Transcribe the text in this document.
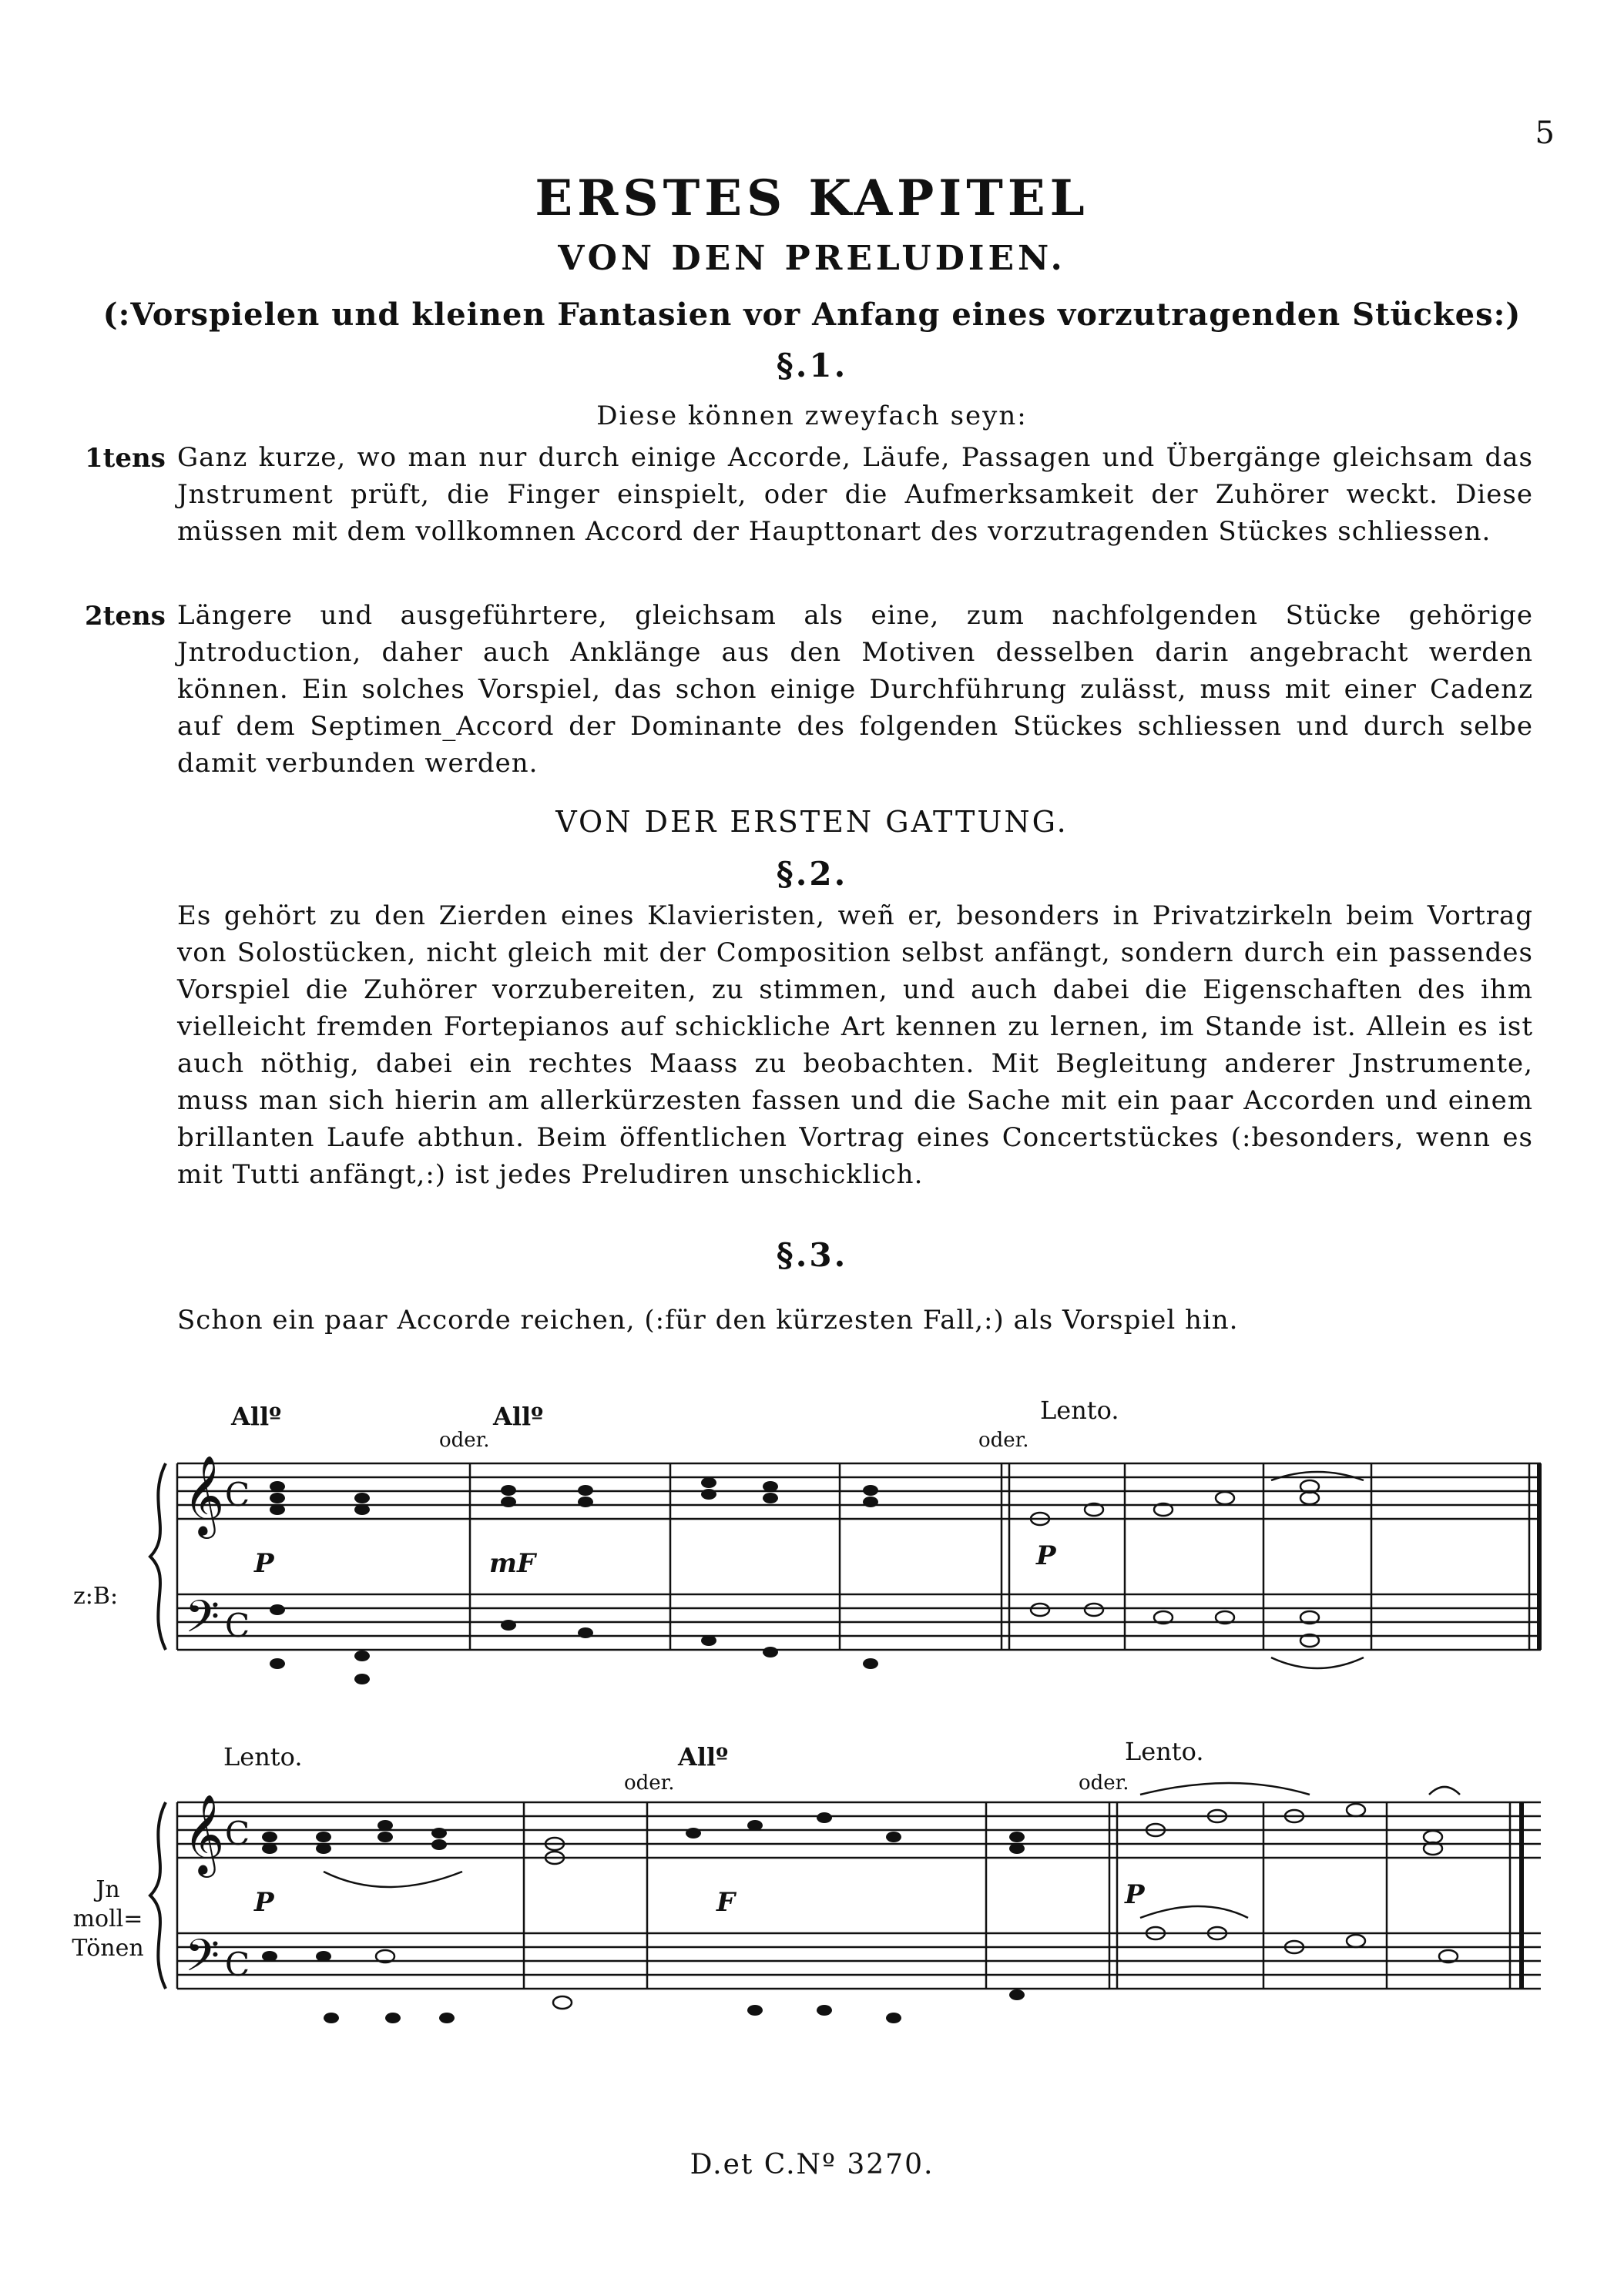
5
ERSTES KAPITEL
VON DEN PRELUDIEN.
(:Vorspielen und kleinen Fantasien vor Anfang eines vorzutragenden Stückes:)
§.1.
Diese können zweyfach seyn:
1tens Ganz kurze, wo man nur durch einige Accorde, Läufe, Passagen und Übergänge gleichsam das Jnstrument prüft, die Finger einspielt, oder die Aufmerksamkeit der Zuhörer weckt. Diese müssen mit dem vollkomnen Accord der Haupttonart des vorzutragenden Stückes schliessen.
2tens Längere und ausgeführtere, gleichsam als eine, zum nachfolgenden Stücke gehörige Jntroduction, daher auch Anklänge aus den Motiven desselben darin angebracht werden können. Ein solches Vorspiel, das schon einige Durchführung zulässt, muss mit einer Cadenz auf dem Septimen_Accord der Dominante des folgenden Stückes schliessen und durch selbe damit verbunden werden.
VON DER ERSTEN GATTUNG.
§.2.
Es gehört zu den Zierden eines Klavieristen, weñ er, besonders in Privatzirkeln beim Vortrag von Solostücken, nicht gleich mit der Composition selbst anfängt, sondern durch ein passendes Vorspiel die Zuhörer vorzubereiten, zu stimmen, und auch dabei die Eigenschaften des ihm vielleicht fremden Fortepianos auf schickliche Art kennen zu lernen, im Stande ist. Allein es ist auch nöthig, dabei ein rechtes Maass zu beobachten. Mit Begleitung anderer Jnstrumente, muss man sich hierin am allerkürzesten fassen und die Sache mit ein paar Accorden und einem brillanten Laufe abthun. Beim öffentlichen Vortrag eines Concertstückes (:besonders, wenn es mit Tutti anfängt,:) ist jedes Preludiren unschicklich.
§.3.
Schon ein paar Accorde reichen, (:für den kürzesten Fall,:) als Vorspiel hin.
z:B:
Allº
oder.
Allº
oder.
Lento.
P	mF	P
𝄞 C
𝄢 C
Jn moll= Tönen
Lento.
oder.
Allº
oder.
Lento.
P	F	P
𝄞 C
𝄢 C
D.et C.Nº 3270.
